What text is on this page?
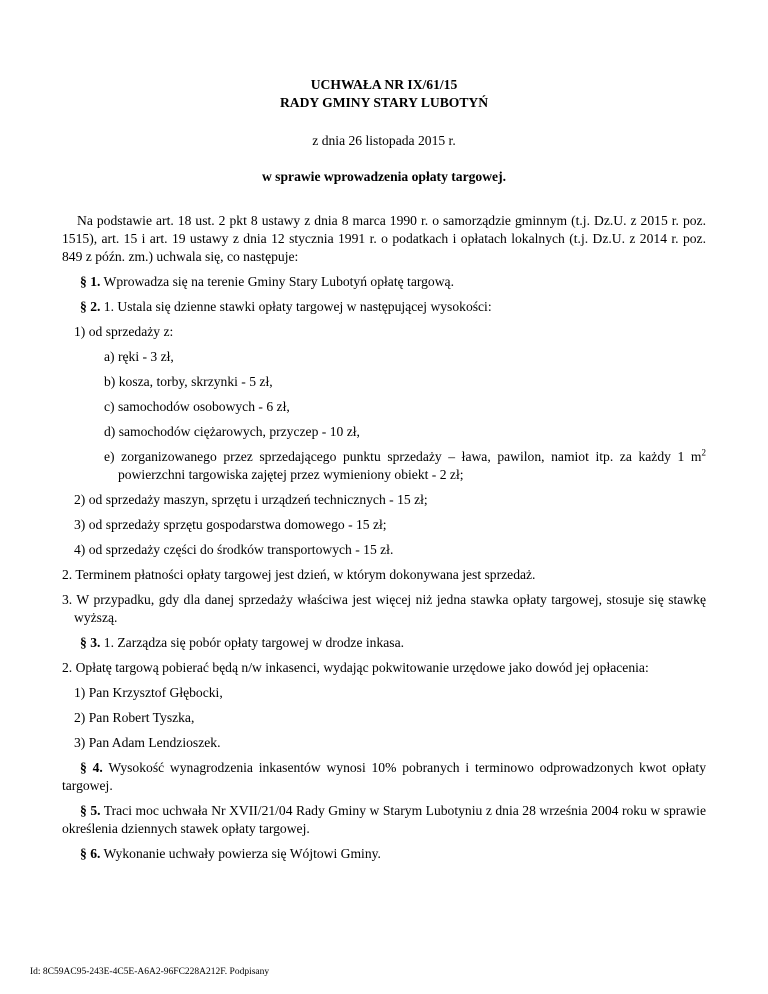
UCHWAŁA NR IX/61/15
RADY GMINY STARY LUBOTYŃ
z dnia 26 listopada 2015 r.
w sprawie wprowadzenia opłaty targowej.

Na podstawie art. 18 ust. 2 pkt 8 ustawy z dnia 8 marca 1990 r. o samorządzie gminnym (t.j. Dz.U. z 2015 r. poz. 1515), art. 15 i art. 19 ustawy z dnia 12 stycznia 1991 r. o podatkach i opłatach lokalnych (t.j. Dz.U. z 2014 r. poz. 849 z późn. zm.) uchwala się, co następuje:

§ 1. Wprowadza się na terenie Gminy Stary Lubotyń opłatę targową.

§ 2. 1. Ustala się dzienne stawki opłaty targowej w następującej wysokości:

1) od sprzedaży z:

a) ręki - 3 zł,

b) kosza, torby, skrzynki - 5 zł,

c) samochodów osobowych - 6 zł,

d) samochodów ciężarowych, przyczep - 10 zł,

e) zorganizowanego przez sprzedającego punktu sprzedaży – ława, pawilon, namiot itp. za każdy 1 $m^2$ powierzchni targowiska zajętej przez wymieniony obiekt - 2 zł;

2) od sprzedaży maszyn, sprzętu i urządzeń technicznych - 15 zł;

3) od sprzedaży sprzętu gospodarstwa domowego - 15 zł;

4) od sprzedaży części do środków transportowych - 15 zł.

2. Terminem płatności opłaty targowej jest dzień, w którym dokonywana jest sprzedaż.

3. W przypadku, gdy dla danej sprzedaży właściwa jest więcej niż jedna stawka opłaty targowej, stosuje się stawkę wyższą.

§ 3. 1. Zarządza się pobór opłaty targowej w drodze inkasa.

2. Opłatę targową pobierać będą n/w inkasenci, wydając pokwitowanie urzędowe jako dowód jej opłacenia:

1) Pan Krzysztof Głębocki,

2) Pan Robert Tyszka,

3) Pan Adam Lendzioszek.

§ 4. Wysokość wynagrodzenia inkasentów wynosi 10% pobranych i terminowo odprowadzonych kwot opłaty targowej.

§ 5. Traci moc uchwała Nr XVII/21/04 Rady Gminy w Starym Lubotyniu z dnia 28 września 2004 roku w sprawie określenia dziennych stawek opłaty targowej.

§ 6. Wykonanie uchwały powierza się Wójtowi Gminy.

Id: 8C59AC95-243E-4C5E-A6A2-96FC228A212F. Podpisany
